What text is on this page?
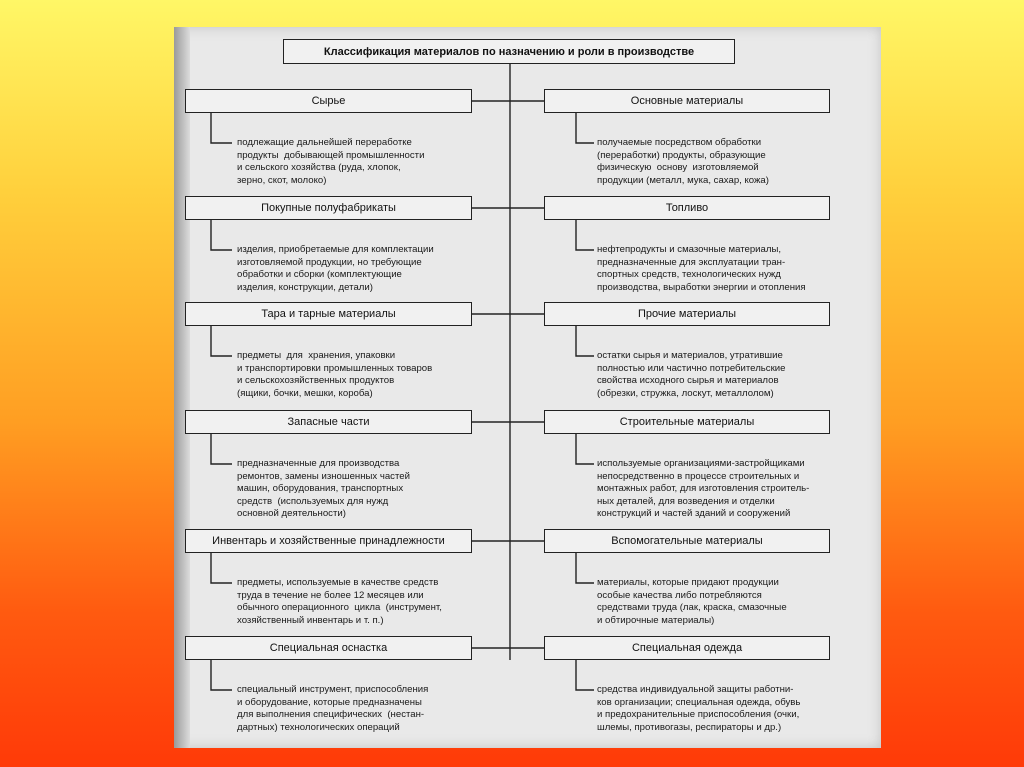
Классификация материалов по назначению и роли в производстве
Сырье
подлежащие дальнейшей переработке
продукты  добывающей промышленности
и сельского хозяйства (руда, хлопок,
зерно, скот, молоко)
Покупные полуфабрикаты
изделия, приобретаемые для комплектации
изготовляемой продукции, но требующие
обработки и сборки (комплектующие
изделия, конструкции, детали)
Тара и тарные материалы
предметы  для  хранения, упаковки
и транспортировки промышленных товаров
и сельскохозяйственных продуктов
(ящики, бочки, мешки, короба)
Запасные части
предназначенные для производства
ремонтов, замены изношенных частей
машин, оборудования, транспортных
средств  (используемых для нужд
основной деятельности)
Инвентарь и хозяйственные принадлежности
предметы, используемые в качестве средств
труда в течение не более 12 месяцев или
обычного операционного  цикла  (инструмент,
хозяйственный инвентарь и т. п.)
Специальная оснастка
специальный инструмент, приспособления
и оборудование, которые предназначены
для выполнения специфических  (нестан-
дартных) технологических операций
Основные материалы
получаемые посредством обработки
(переработки) продукты, образующие
физическую  основу  изготовляемой
продукции (металл, мука, сахар, кожа)
Топливо
нефтепродукты и смазочные материалы,
предназначенные для эксплуатации тран-
спортных средств, технологических нужд
производства, выработки энергии и отопления
Прочие материалы
остатки сырья и материалов, утратившие
полностью или частично потребительские
свойства исходного сырья и материалов
(обрезки, стружка, лоскут, металлолом)
Строительные материалы
используемые организациями-застройщиками
непосредственно в процессе строительных и
монтажных работ, для изготовления строитель-
ных деталей, для возведения и отделки
конструкций и частей зданий и сооружений
Вспомогательные материалы
материалы, которые придают продукции
особые качества либо потребляются
средствами труда (лак, краска, смазочные
и обтирочные материалы)
Специальная одежда
средства индивидуальной защиты работни-
ков организации; специальная одежда, обувь
и предохранительные приспособления (очки,
шлемы, противогазы, респираторы и др.)
